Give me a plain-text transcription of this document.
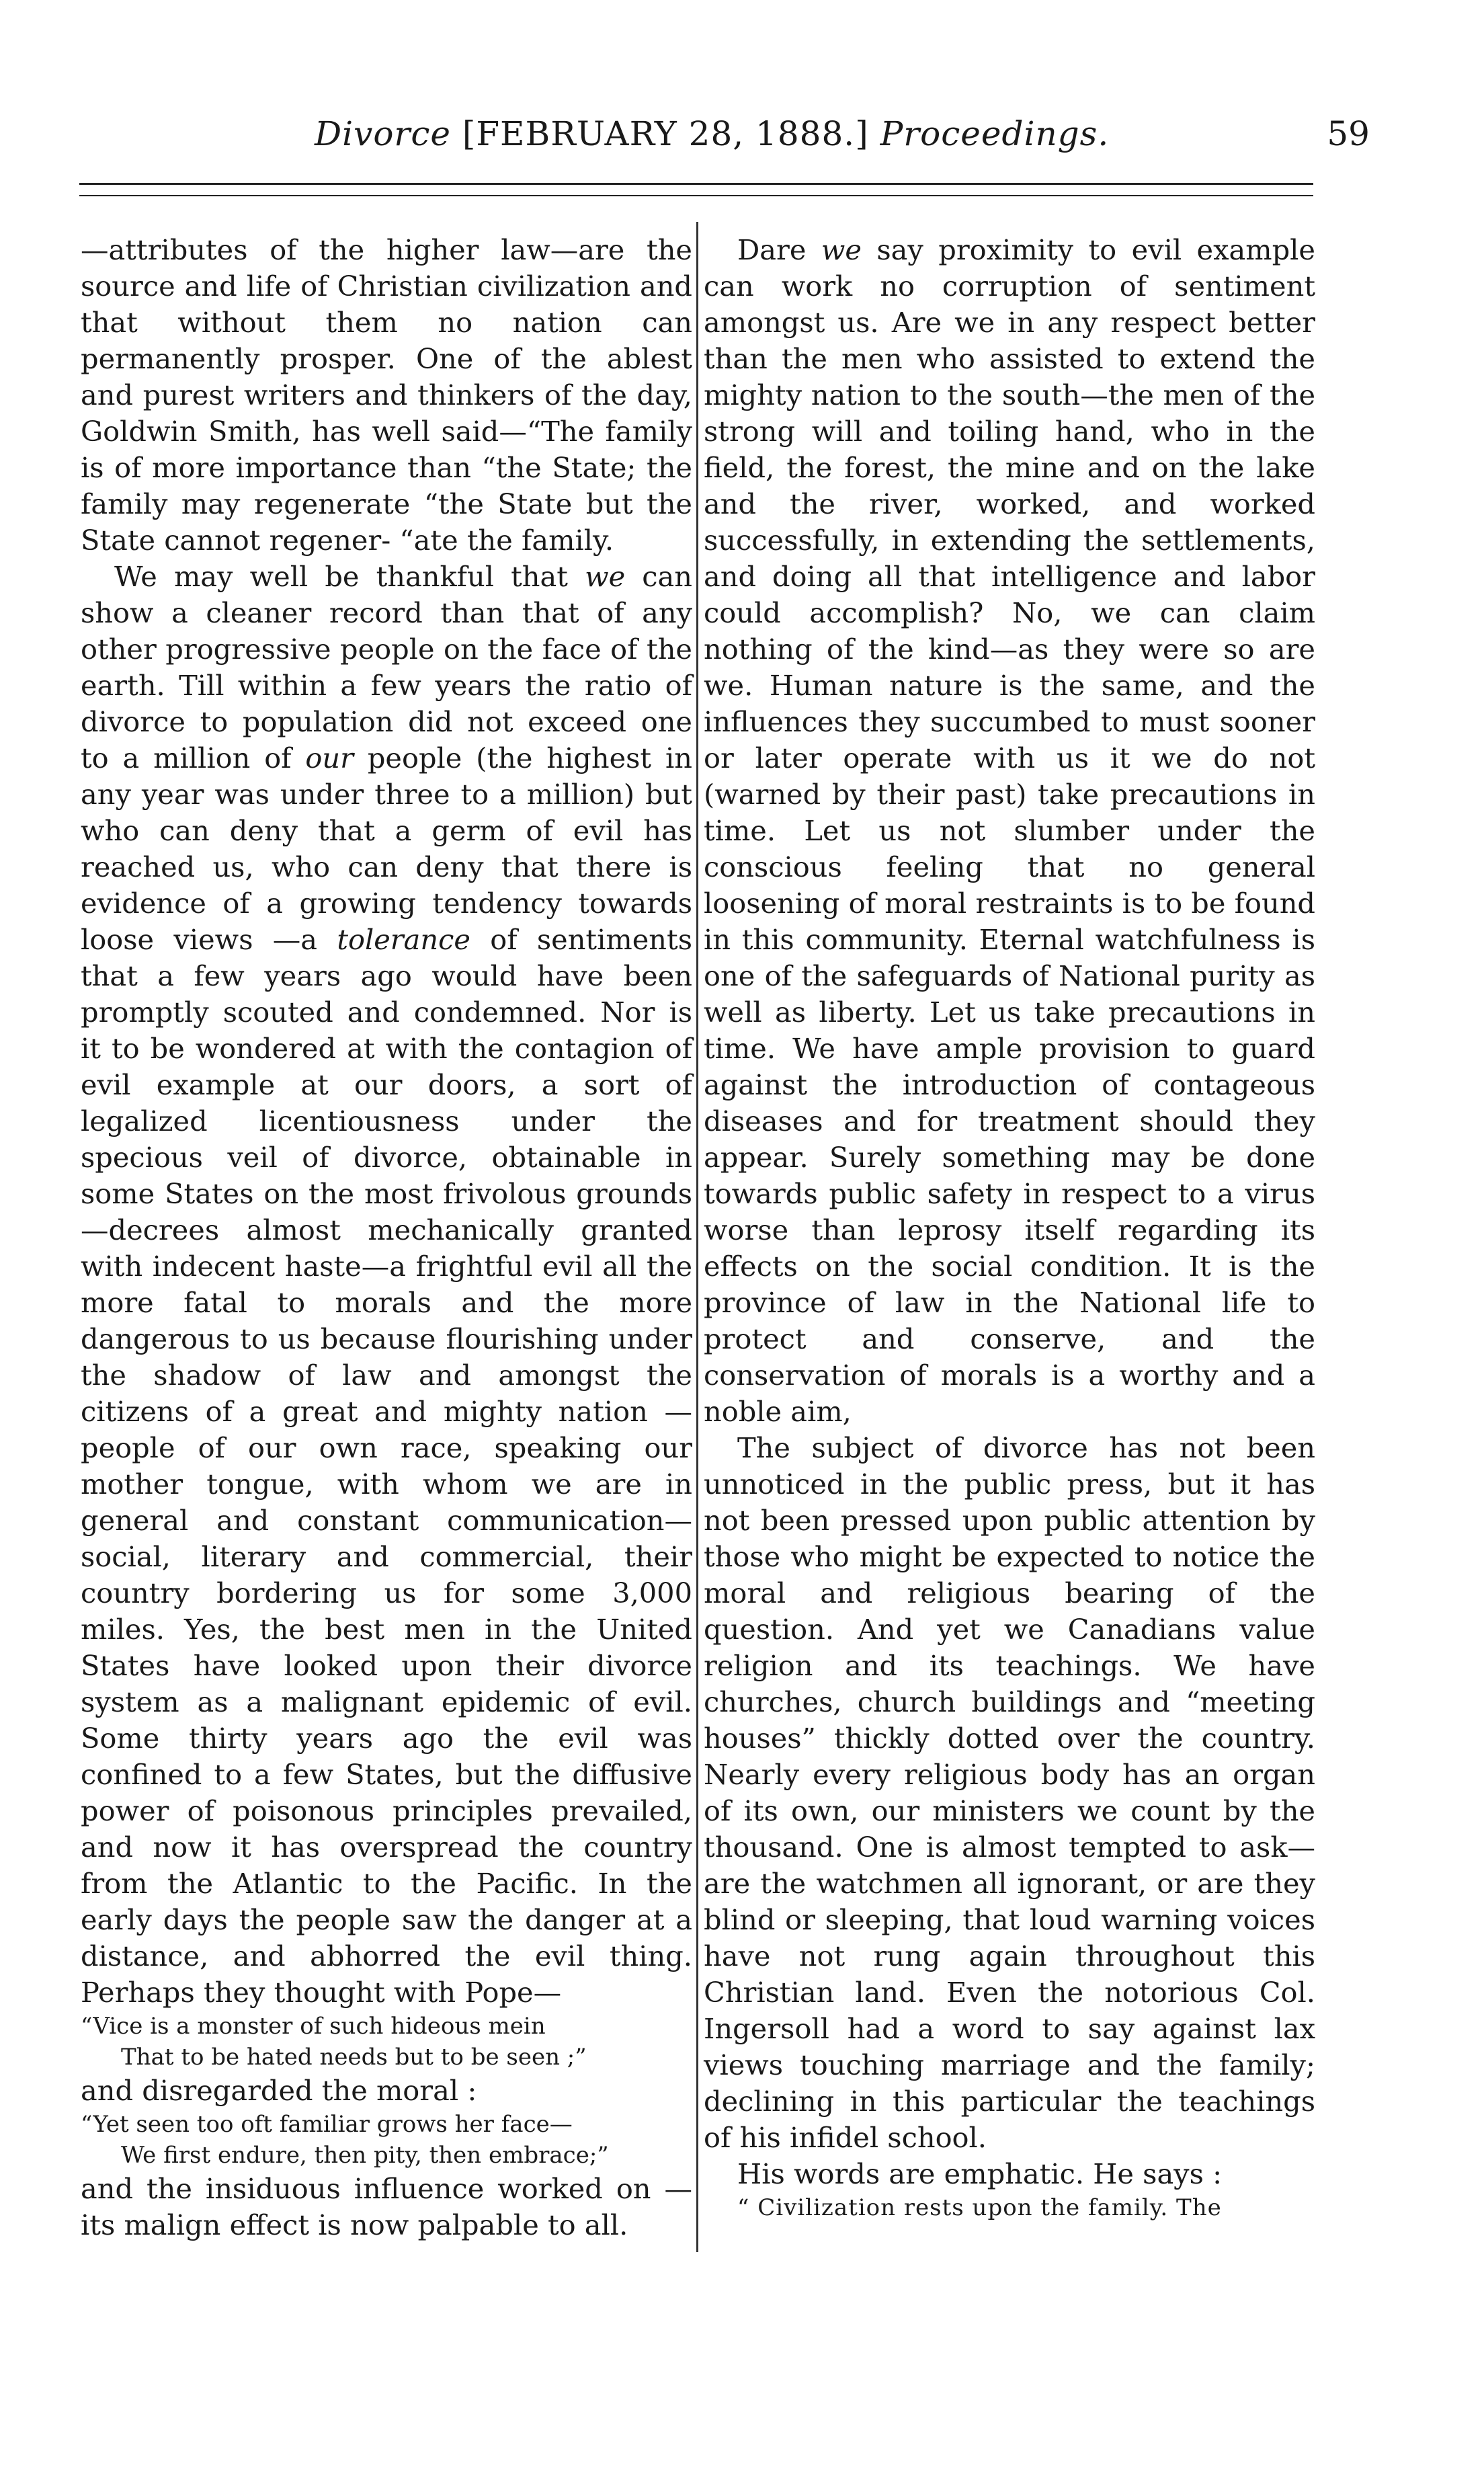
Divorce [FEBRUARY 28, 1888.] Proceedings.	59

—attributes of the higher law—are the source and life of Christian civilization and that without them no nation can permanently prosper. One of the ablest and purest writers and thinkers of the day, Goldwin Smith, has well said—“The family is of more importance than “the State; the family may regenerate “the State but the State cannot regener- “ate the family.

We may well be thankful that we can show a cleaner record than that of any other progressive people on the face of the earth. Till within a few years the ratio of divorce to population did not exceed one to a million of our people (the highest in any year was under three to a million) but who can deny that a germ of evil has reached us, who can deny that there is evidence of a growing tendency towards loose views —a tolerance of sentiments that a few years ago would have been promptly scouted and condemned. Nor is it to be wondered at with the contagion of evil example at our doors, a sort of legalized licentiousness under the specious veil of divorce, obtainable in some States on the most frivolous grounds—decrees almost mechanically granted with indecent haste—a frightful evil all the more fatal to morals and the more dangerous to us because flourishing under the shadow of law and amongst the citizens of a great and mighty nation —people of our own race, speaking our mother tongue, with whom we are in general and constant communication—social, literary and commercial, their country bordering us for some 3,000 miles. Yes, the best men in the United States have looked upon their divorce system as a malignant epidemic of evil. Some thirty years ago the evil was confined to a few States, but the diffusive power of poisonous principles prevailed, and now it has overspread the country from the Atlantic to the Pacific. In the early days the people saw the danger at a distance, and abhorred the evil thing. Perhaps they thought with Pope—

“Vice is a monster of such hideous mein
That to be hated needs but to be seen ;”

and disregarded the moral :

“Yet seen too oft familiar grows her face—
We first endure, then pity, then embrace;”

and the insiduous influence worked on —its malign effect is now palpable to all.

Dare we say proximity to evil example can work no corruption of sentiment amongst us. Are we in any respect better than the men who assisted to extend the mighty nation to the south—the men of the strong will and toiling hand, who in the field, the forest, the mine and on the lake and the river, worked, and worked successfully, in extending the settlements, and doing all that intelligence and labor could accomplish? No, we can claim nothing of the kind—as they were so are we. Human nature is the same, and the influences they succumbed to must sooner or later operate with us it we do not (warned by their past) take precautions in time. Let us not slumber under the conscious feeling that no general loosening of moral restraints is to be found in this community. Eternal watchfulness is one of the safeguards of National purity as well as liberty. Let us take precautions in time. We have ample provision to guard against the introduction of contageous diseases and for treatment should they appear. Surely something may be done towards public safety in respect to a virus worse than leprosy itself regarding its effects on the social condition. It is the province of law in the National life to protect and conserve, and the conservation of morals is a worthy and a noble aim,

The subject of divorce has not been unnoticed in the public press, but it has not been pressed upon public attention by those who might be expected to notice the moral and religious bearing of the question. And yet we Canadians value religion and its teachings. We have churches, church buildings and “meeting houses” thickly dotted over the country. Nearly every religious body has an organ of its own, our ministers we count by the thousand. One is almost tempted to ask—are the watchmen all ignorant, or are they blind or sleeping, that loud warning voices have not rung again throughout this Christian land. Even the notorious Col. Ingersoll had a word to say against lax views touching marriage and the family; declining in this particular the teachings of his infidel school.

His words are emphatic. He says :

“ Civilization rests upon the family. The
